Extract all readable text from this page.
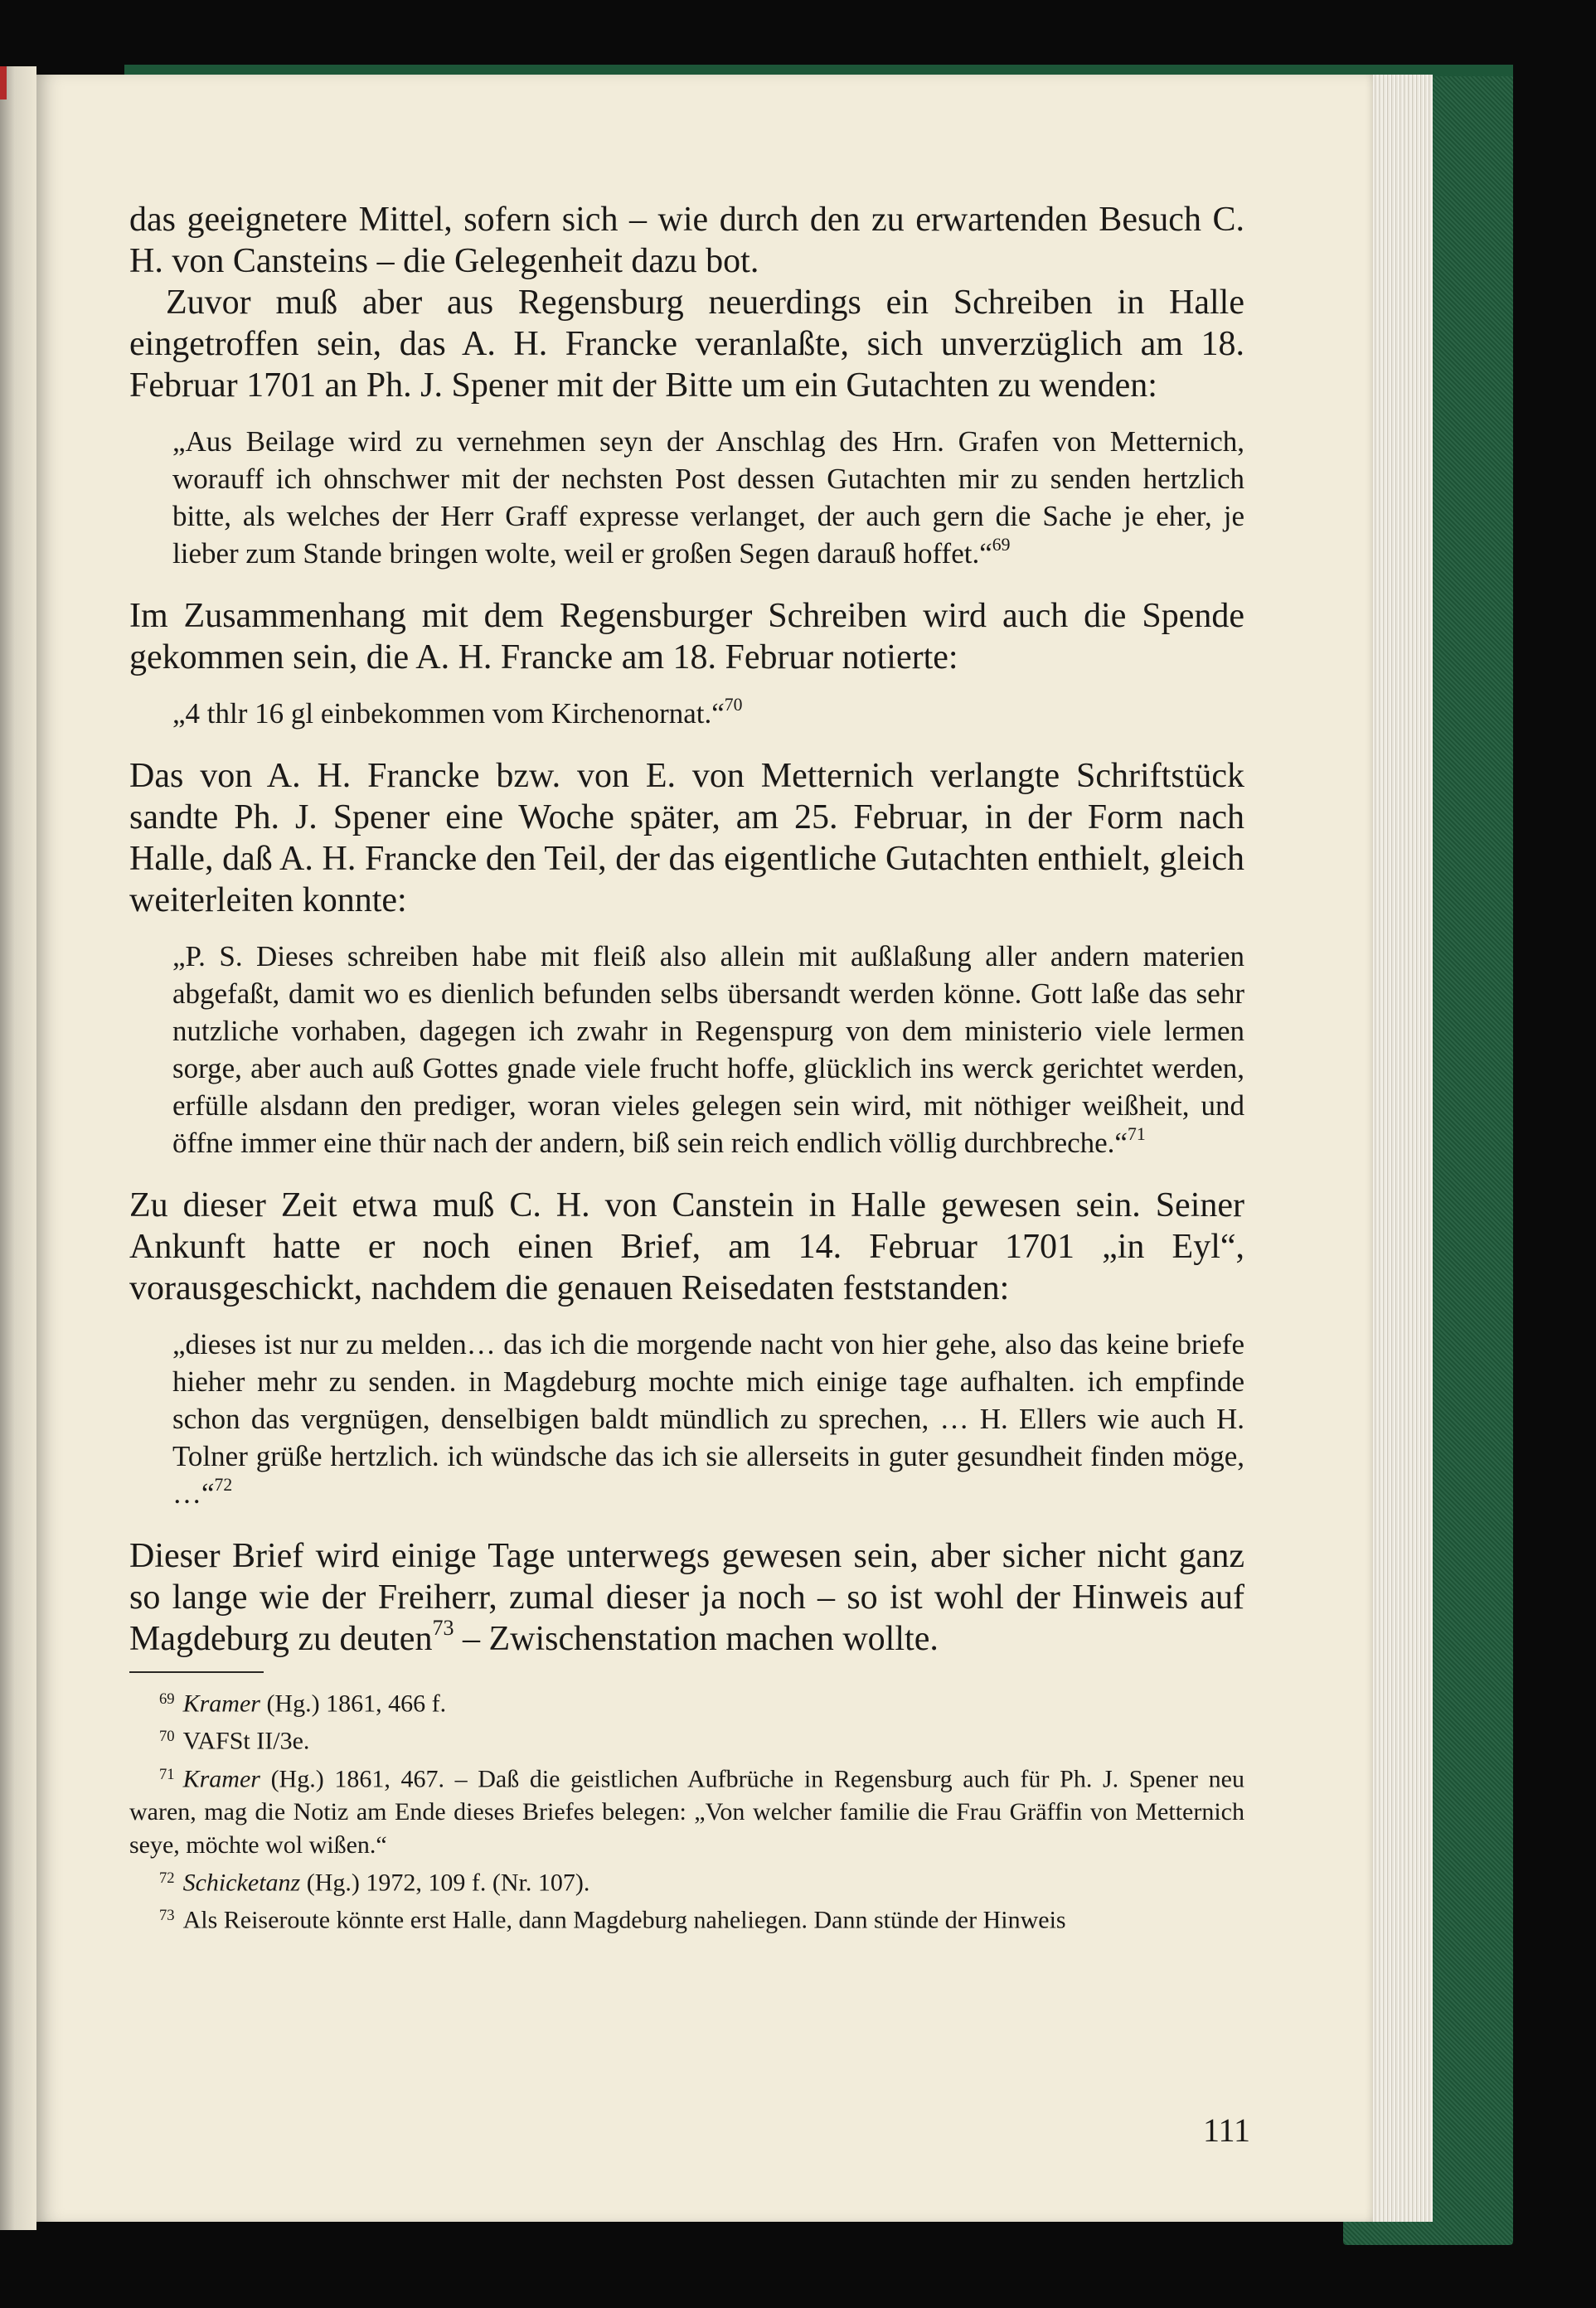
das geeignetere Mittel, sofern sich – wie durch den zu erwartenden Besuch C. H. von Cansteins – die Gelegenheit dazu bot.

Zuvor muß aber aus Regensburg neuerdings ein Schreiben in Halle eingetroffen sein, das A. H. Francke veranlaßte, sich unverzüglich am 18. Februar 1701 an Ph. J. Spener mit der Bitte um ein Gutachten zu wenden:

„Aus Beilage wird zu vernehmen seyn der Anschlag des Hrn. Grafen von Metternich, worauff ich ohnschwer mit der nechsten Post dessen Gutachten mir zu senden hertzlich bitte, als welches der Herr Graff expresse verlanget, der auch gern die Sache je eher, je lieber zum Stande bringen wolte, weil er großen Segen darauß hoffet.“$^{69}$

Im Zusammenhang mit dem Regensburger Schreiben wird auch die Spende gekommen sein, die A. H. Francke am 18. Februar notierte:

„4 thlr 16 gl einbekommen vom Kirchenornat.“$^{70}$

Das von A. H. Francke bzw. von E. von Metternich verlangte Schriftstück sandte Ph. J. Spener eine Woche später, am 25. Februar, in der Form nach Halle, daß A. H. Francke den Teil, der das eigentliche Gutachten enthielt, gleich weiterleiten konnte:

„P. S. Dieses schreiben habe mit fleiß also allein mit außlaßung aller andern materien abgefaßt, damit wo es dienlich befunden selbs übersandt werden könne. Gott laße das sehr nutzliche vorhaben, dagegen ich zwahr in Regenspurg von dem ministerio viele lermen sorge, aber auch auß Gottes gnade viele frucht hoffe, glücklich ins werck gerichtet werden, erfülle alsdann den prediger, woran vieles gelegen sein wird, mit nöthiger weißheit, und öffne immer eine thür nach der andern, biß sein reich endlich völlig durchbreche.“$^{71}$

Zu dieser Zeit etwa muß C. H. von Canstein in Halle gewesen sein. Seiner Ankunft hatte er noch einen Brief, am 14. Februar 1701 „in Eyl“, vorausgeschickt, nachdem die genauen Reisedaten feststanden:

„dieses ist nur zu melden… das ich die morgende nacht von hier gehe, also das keine briefe hieher mehr zu senden. in Magdeburg mochte mich einige tage aufhalten. ich empfinde schon das vergnügen, denselbigen baldt mündlich zu sprechen, … H. Ellers wie auch H. Tolner grüße hertzlich. ich wündsche das ich sie allerseits in guter gesundheit finden möge, …“$^{72}$

Dieser Brief wird einige Tage unterwegs gewesen sein, aber sicher nicht ganz so lange wie der Freiherr, zumal dieser ja noch – so ist wohl der Hinweis auf Magdeburg zu deuten$^{73}$ – Zwischenstation machen wollte.

$^{69}$ Kramer (Hg.) 1861, 466 f.

$^{70}$ VAFSt II/3e.

$^{71}$ Kramer (Hg.) 1861, 467. – Daß die geistlichen Aufbrüche in Regensburg auch für Ph. J. Spener neu waren, mag die Notiz am Ende dieses Briefes belegen: „Von welcher familie die Frau Gräffin von Metternich seye, möchte wol wißen.“

$^{72}$ Schicketanz (Hg.) 1972, 109 f. (Nr. 107).

$^{73}$ Als Reiseroute könnte erst Halle, dann Magdeburg naheliegen. Dann stünde der Hinweis

111
